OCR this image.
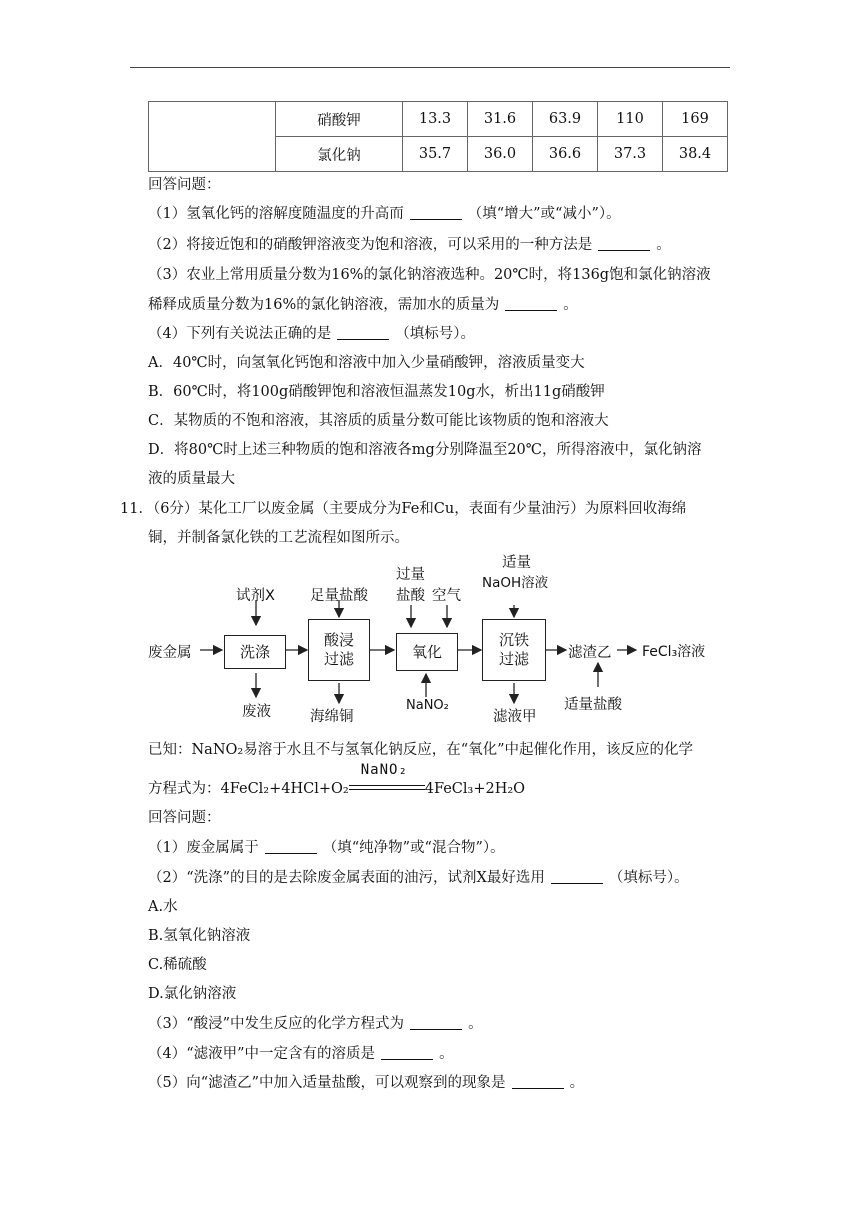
	硝酸钾	13.3	31.6	63.9	110	169
	氯化钠	35.7	36.0	36.6	37.3	38.4
回答问题：
（1）氢氧化钙的溶解度随温度的升高而	（填“增大”或“减小”）。
（2）将接近饱和的硝酸钾溶液变为饱和溶液，可以采用的一种方法是	。
（3）农业上常用质量分数为16%的氯化钠溶液选种。20℃时，将136g饱和氯化钠溶液
稀释成质量分数为16%的氯化钠溶液，需加水的质量为	。
（4）下列有关说法正确的是	（填标号）。
A．40℃时，向氢氧化钙饱和溶液中加入少量硝酸钾，溶液质量变大
B．60℃时，将100g硝酸钾饱和溶液恒温蒸发10g水，析出11g硝酸钾
C．某物质的不饱和溶液，其溶质的质量分数可能比该物质的饱和溶液大
D．将80℃时上述三种物质的饱和溶液各mg分别降温至20℃，所得溶液中，氯化钠溶
液的质量最大
11．（6分）某化工厂以废金属（主要成分为Fe和Cu，表面有少量油污）为原料回收海绵
铜，并制备氯化铁的工艺流程如图所示。
废金属
试剂X 足量盐酸
过量
盐酸 空气
适量
NaOH溶液
洗涤
酸浸
过滤	氧化
沉铁
过滤	滤渣乙 FeCl₃溶液
废液	海绵铜
NaNO₂
滤液甲
适量盐酸
已知：NaNO₂易溶于水且不与氢氧化钠反应，在“氧化”中起催化作用，该反应的化学
方程式为：4FeCl₂+4HCl+O₂
NaNO₂
4FeCl₃+2H₂O
回答问题：
（1）废金属属于	（填“纯净物”或“混合物”）。
（2）“洗涤”的目的是去除废金属表面的油污，试剂X最好选用	（填标号）。
A.水
B.氢氧化钠溶液
C.稀硫酸
D.氯化钠溶液
（3）“酸浸”中发生反应的化学方程式为	。
（4）“滤液甲”中一定含有的溶质是	。
（5）向“滤渣乙”中加入适量盐酸，可以观察到的现象是	。
